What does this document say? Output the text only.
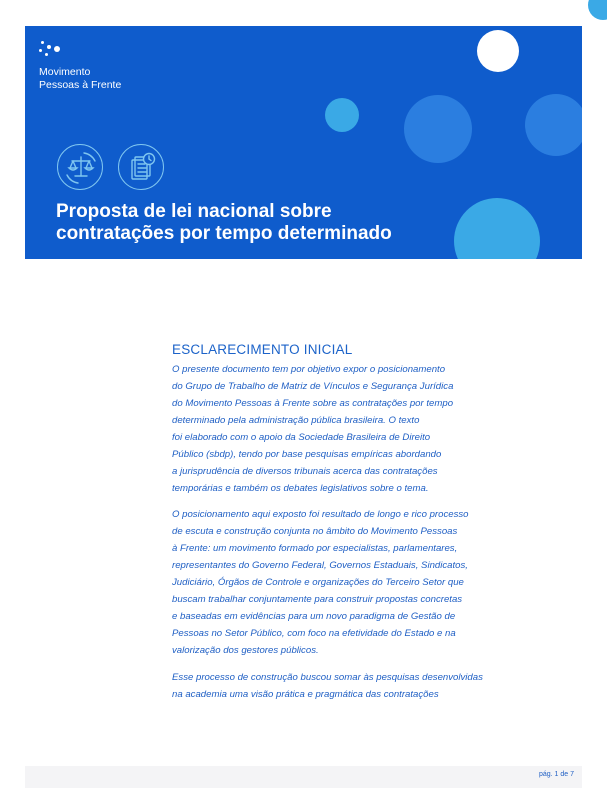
Movimento
Pessoas à Frente
Proposta de lei nacional sobre
contratações por tempo determinado
ESCLARECIMENTO INICIAL

O presente documento tem por objetivo expor o posicionamento
do Grupo de Trabalho de Matriz de Vínculos e Segurança Jurídica
do Movimento Pessoas à Frente sobre as contratações por tempo
determinado pela administração pública brasileira. O texto
foi elaborado com o apoio da Sociedade Brasileira de Direito
Público (sbdp), tendo por base pesquisas empíricas abordando
a jurisprudência de diversos tribunais acerca das contratações
temporárias e também os debates legislativos sobre o tema.

O posicionamento aqui exposto foi resultado de longo e rico processo
de escuta e construção conjunta no âmbito do Movimento Pessoas
à Frente: um movimento formado por especialistas, parlamentares,
representantes do Governo Federal, Governos Estaduais, Sindicatos,
Judiciário, Órgãos de Controle e organizações do Terceiro Setor que
buscam trabalhar conjuntamente para construir propostas concretas
e baseadas em evidências para um novo paradigma de Gestão de
Pessoas no Setor Público, com foco na efetividade do Estado e na
valorização dos gestores públicos.

Esse processo de construção buscou somar às pesquisas desenvolvidas
na academia uma visão prática e pragmática das contratações

pág. 1 de 7
